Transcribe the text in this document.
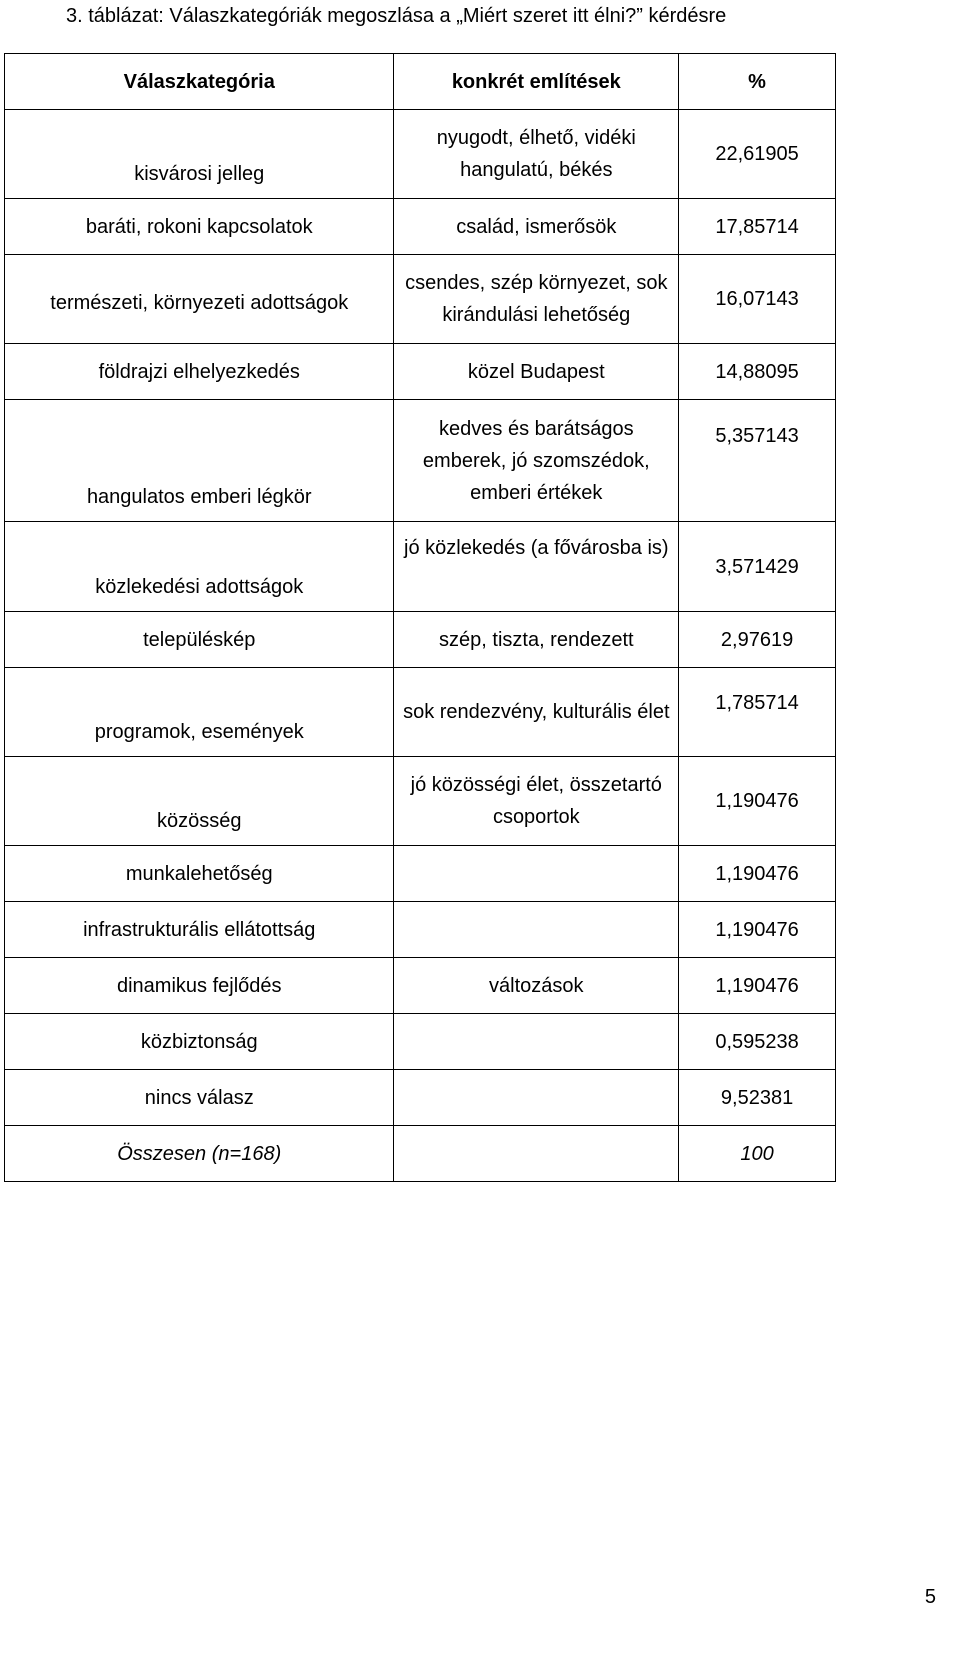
3. táblázat: Válaszkategóriák megoszlása a „Miért szeret itt élni?” kérdésre
Válaszkategória	konkrét említések	%
kisvárosi jelleg	nyugodt, élhető, vidéki hangulatú, békés	22,61905
baráti, rokoni kapcsolatok	család, ismerősök	17,85714
természeti, környezeti adottságok	csendes, szép környezet, sok kirándulási lehetőség	16,07143
földrajzi elhelyezkedés	közel Budapest	14,88095
hangulatos emberi légkör	kedves és barátságos emberek, jó szomszédok, emberi értékek	5,357143
közlekedési adottságok	jó közlekedés (a fővárosba is)	3,571429
településkép	szép, tiszta, rendezett	2,97619
programok, események	sok rendezvény, kulturális élet	1,785714
közösség	jó közösségi élet, összetartó csoportok	1,190476
munkalehetőség		1,190476
infrastrukturális ellátottság		1,190476
dinamikus fejlődés	változások	1,190476
közbiztonság		0,595238
nincs válasz		9,52381
Összesen (n=168)		100
5
